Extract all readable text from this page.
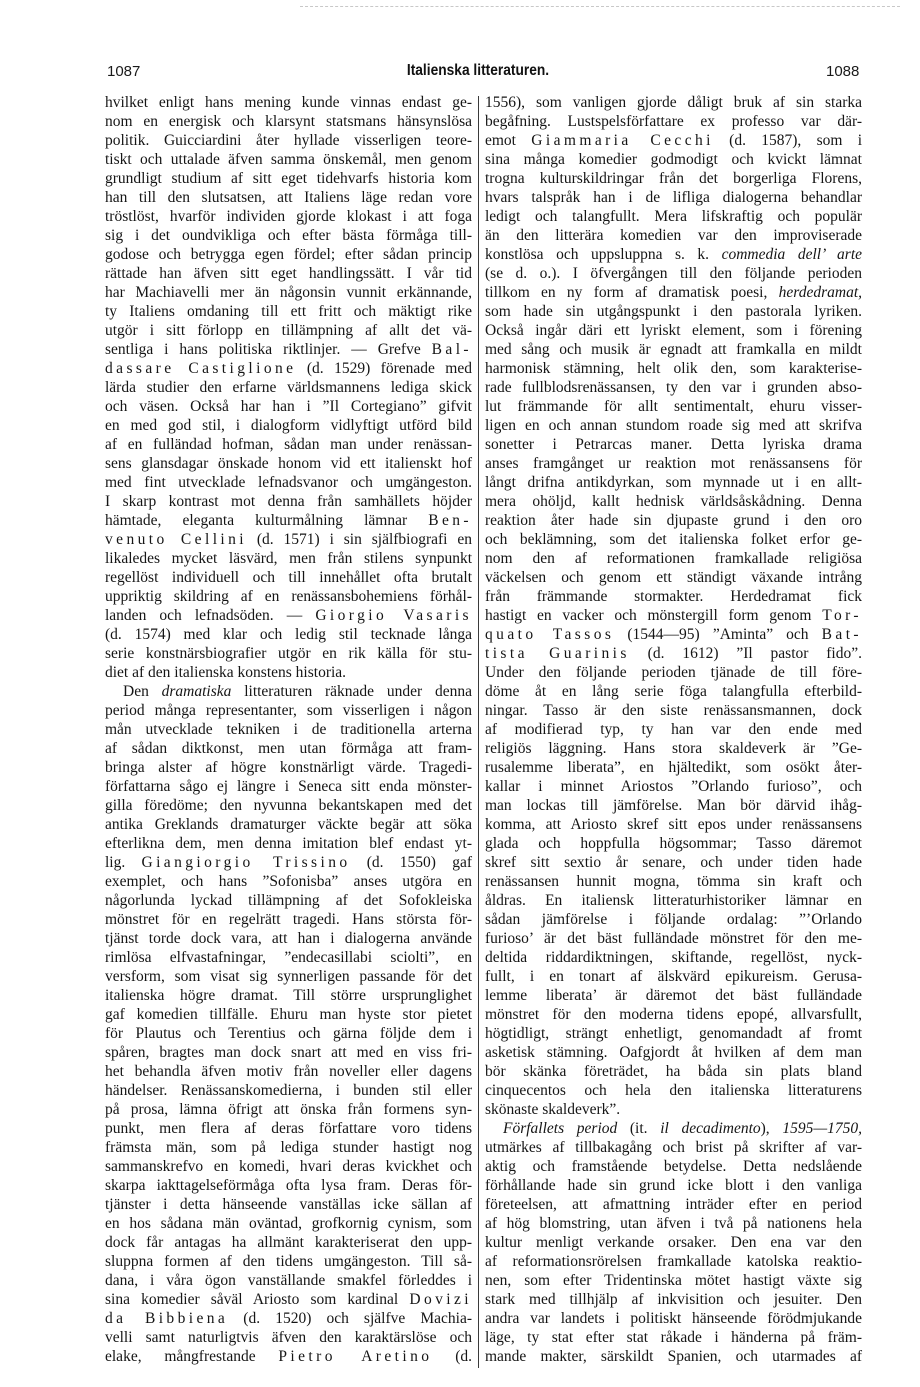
1087	Italienska litteraturen.	1088
hvilket enligt hans mening kunde vinnas endast ge-
nom en energisk och klarsynt statsmans hänsynslösa
politik. Guicciardini åter hyllade visserligen teore-
tiskt och uttalade äfven samma önskemål, men genom
grundligt studium af sitt eget tidehvarfs historia kom
han till den slutsatsen, att Italiens läge redan vore
tröstlöst, hvarför individen gjorde klokast i att foga
sig i det oundvikliga och efter bästa förmåga till-
godose och betrygga egen fördel; efter sådan princip
rättade han äfven sitt eget handlingssätt. I vår tid
har Machiavelli mer än någonsin vunnit erkännande,
ty Italiens omdaning till ett fritt och mäktigt rike
utgör i sitt förlopp en tillämpning af allt det vä-
sentliga i hans politiska riktlinjer. — Grefve Bal-
dassare Castiglione (d. 1529) förenade med
lärda studier den erfarne världsmannens lediga skick
och väsen. Också har han i ”Il Cortegiano” gifvit
en med god stil, i dialogform vidlyftigt utförd bild
af en fulländad hofman, sådan man under renässan-
sens glansdagar önskade honom vid ett italienskt hof
med fint utvecklade lefnadsvanor och umgängeston.
I skarp kontrast mot denna från samhällets höjder
hämtade, eleganta kulturmålning lämnar Ben-
venuto Cellini (d. 1571) i sin själfbiografi en
likaledes mycket läsvärd, men från stilens synpunkt
regellöst individuell och till innehållet ofta brutalt
uppriktig skildring af en renässansbohemiens förhål-
landen och lefnadsöden. — Giorgio Vasaris
(d. 1574) med klar och ledig stil tecknade långa
serie konstnärsbiografier utgör en rik källa för stu-
diet af den italienska konstens historia.
Den dramatiska litteraturen räknade under denna
period många representanter, som visserligen i någon
mån utvecklade tekniken i de traditionella arterna
af sådan diktkonst, men utan förmåga att fram-
bringa alster af högre konstnärligt värde. Tragedi-
författarna sågo ej längre i Seneca sitt enda mönster-
gilla föredöme; den nyvunna bekantskapen med det
antika Greklands dramaturger väckte begär att söka
efterlikna dem, men denna imitation blef endast yt-
lig. Giangiorgio Trissino (d. 1550) gaf
exemplet, och hans ”Sofonisba” anses utgöra en
någorlunda lyckad tillämpning af det Sofokleiska
mönstret för en regelrätt tragedi. Hans största för-
tjänst torde dock vara, att han i dialogerna använde
rimlösa elfvastafningar, ”endecasillabi sciolti”, en
versform, som visat sig synnerligen passande för det
italienska högre dramat. Till större ursprunglighet
gaf komedien tillfälle. Ehuru man hyste stor pietet
för Plautus och Terentius och gärna följde dem i
spåren, bragtes man dock snart att med en viss fri-
het behandla äfven motiv från noveller eller dagens
händelser. Renässanskomedierna, i bunden stil eller
på prosa, lämna öfrigt att önska från formens syn-
punkt, men flera af deras författare voro tidens
främsta män, som på lediga stunder hastigt nog
sammanskrefvo en komedi, hvari deras kvickhet och
skarpa iakttagelseförmåga ofta lysa fram. Deras för-
tjänster i detta hänseende vanställas icke sällan af
en hos sådana män oväntad, grofkornig cynism, som
dock får antagas ha allmänt karakteriserat den upp-
sluppna formen af den tidens umgängeston. Till så-
dana, i våra ögon vanställande smakfel förleddes i
sina komedier såväl Ariosto som kardinal Dovizi
da Bibbiena (d. 1520) och själfve Machia-
velli samt naturligtvis äfven den karaktärslöse och
elake, mångfrestande Pietro Aretino (d.
1556), som vanligen gjorde dåligt bruk af sin starka
begåfning. Lustspelsförfattare ex professo var där-
emot Giammaria Cecchi (d. 1587), som i
sina många komedier godmodigt och kvickt lämnat
trogna kulturskildringar från det borgerliga Florens,
hvars talspråk han i de lifliga dialogerna behandlar
ledigt och talangfullt. Mera lifskraftig och populär
än den litterära komedien var den improviserade
konstlösa och uppsluppna s. k. commedia dell’ arte
(se d. o.). I öfvergången till den följande perioden
tillkom en ny form af dramatisk poesi, herdedramat,
som hade sin utgångspunkt i den pastorala lyriken.
Också ingår däri ett lyriskt element, som i förening
med sång och musik är egnadt att framkalla en mildt
harmonisk stämning, helt olik den, som karakterise-
rade fullblodsrenässansen, ty den var i grunden abso-
lut främmande för allt sentimentalt, ehuru visser-
ligen en och annan stundom roade sig med att skrifva
sonetter i Petrarcas maner. Detta lyriska drama
anses framgånget ur reaktion mot renässansens för
långt drifna antikdyrkan, som mynnade ut i en allt-
mera ohöljd, kallt hednisk världsåskådning. Denna
reaktion åter hade sin djupaste grund i den oro
och beklämning, som det italienska folket erfor ge-
nom den af reformationen framkallade religiösa
väckelsen och genom ett ständigt växande intrång
från främmande stormakter. Herdedramat fick
hastigt en vacker och mönstergill form genom Tor-
quato Tassos (1544—95) ”Aminta” och Bat-
tista Guarinis (d. 1612) ”Il pastor fido”.
Under den följande perioden tjänade de till före-
döme åt en lång serie föga talangfulla efterbild-
ningar. Tasso är den siste renässansmannen, dock
af modifierad typ, ty han var den ende med
religiös läggning. Hans stora skaldeverk är ”Ge-
rusalemme liberata”, en hjältedikt, som osökt åter-
kallar i minnet Ariostos ”Orlando furioso”, och
man lockas till jämförelse. Man bör därvid ihåg-
komma, att Ariosto skref sitt epos under renässansens
glada och hoppfulla högsommar; Tasso däremot
skref sitt sextio år senare, och under tiden hade
renässansen hunnit mogna, tömma sin kraft och
åldras. En italiensk litteraturhistoriker lämnar en
sådan jämförelse i följande ordalag: ”’Orlando
furioso’ är det bäst fulländade mönstret för den me-
deltida riddardiktningen, skiftande, regellöst, nyck-
fullt, i en tonart af älskvärd epikureism. Gerusa-
lemme liberata’ är däremot det bäst fulländade
mönstret för den moderna tidens epopé, allvarsfullt,
högtidligt, strängt enhetligt, genomandadt af fromt
asketisk stämning. Oafgjordt åt hvilken af dem man
bör skänka företrädet, ha båda sin plats bland
cinquecentos och hela den italienska litteraturens
skönaste skaldeverk”.
Förfallets period (it. il decadimento), 1595—1750,
utmärkes af tillbakagång och brist på skrifter af var-
aktig och framstående betydelse. Detta nedslående
förhållande hade sin grund icke blott i den vanliga
företeelsen, att afmattning inträder efter en period
af hög blomstring, utan äfven i två på nationens hela
kultur menligt verkande orsaker. Den ena var den
af reformationsrörelsen framkallade katolska reaktio-
nen, som efter Tridentinska mötet hastigt växte sig
stark med tillhjälp af inkvisition och jesuiter. Den
andra var landets i politiskt hänseende förödmjukande
läge, ty stat efter stat råkade i händerna på främ-
mande makter, särskildt Spanien, och utarmades af
